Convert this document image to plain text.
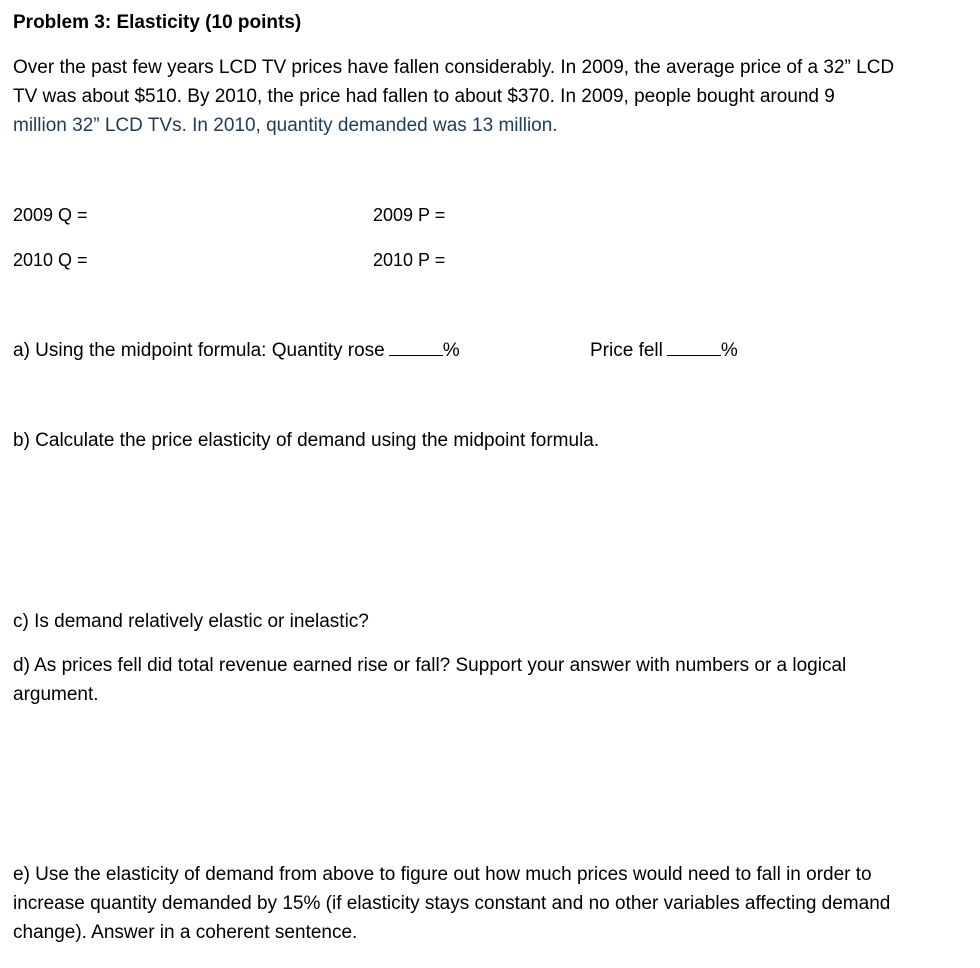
Problem 3: Elasticity (10 points)
Over the past few years LCD TV prices have fallen considerably. In 2009, the average price of a 32” LCD
TV was about $510. By 2010, the price had fallen to about $370. In 2009, people bought around 9
million 32” LCD TVs. In 2010, quantity demanded was 13 million.
2009 Q =	2009 P =
2010 Q =	2010 P =
a) Using the midpoint formula: Quantity rose	%	Price fell	%
b) Calculate the price elasticity of demand using the midpoint formula.
c) Is demand relatively elastic or inelastic?
d) As prices fell did total revenue earned rise or fall? Support your answer with numbers or a logical
argument.
e) Use the elasticity of demand from above to figure out how much prices would need to fall in order to
increase quantity demanded by 15% (if elasticity stays constant and no other variables affecting demand
change). Answer in a coherent sentence.
